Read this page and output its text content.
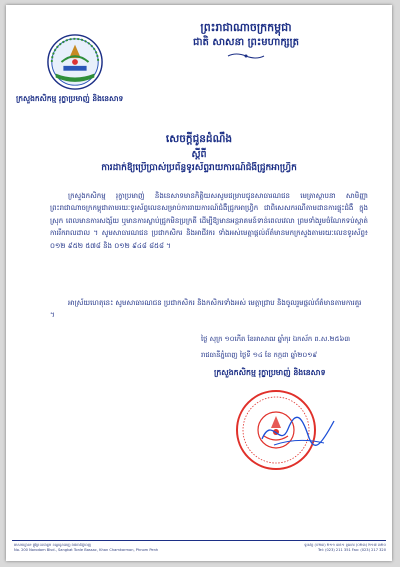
ព្រះរាជាណាចក្រកម្ពុជា
ជាតិ សាសនា ព្រះមហាក្សត្រ
ក្រសួងកសិកម្ម រុក្ខាប្រមាញ់ និងនេសាទ
សេចក្តីជូនដំណឹង
ស្តីពី
ការដាក់ឱ្យប្រើប្រាស់ប្រព័ន្ធទូរស័ព្ទរាយការណ៍ជំងឺជ្រូកអាហ្វ្រិក
ក្រសួងកសិកម្ម រុក្ខាប្រមាញ់ និងនេសាទមានកិត្តិយសសូមជម្រាបជូនសាធារណជន មេត្រាស្ថាបនា សាមិញ្ញា ព្រះរាជាណាចក្រកម្ពុជាតាមរយៈទូរស័ព្ទលេខសម្រាប់ការរាយការណ៍ជំងឺជ្រូកអាហ្វ្រិក ជាពិសេសករណីតាមដានការផ្ទុះជំងឺ ក្នុងស្រុក ពេលមានការសង្ស័យ ឬមានការស្លាប់ជ្រូកមិនប្រក្រតី ដើម្បីឱ្យមានអន្តរាគមន៍ទាន់ពេលវេលា ព្រមទាំងរួមចំណែកទប់ស្កាត់ការរីករាលដាល ។ សូមសាធារណជន ប្រជាកសិករ និងអាជីវករ ទាំងអស់មេត្តាផ្តល់ព័ត៌មានមកក្រសួងតាមរយៈលេខទូរស័ព្ទ៖ ០១២ ៩៥២ ៥៧៨ និង ០១២ ៩៤៨ ៨៥៨ ។
អាស្រ័យហេតុនេះ សូមសាធារណជន ប្រជាកសិករ និងកសិករទាំងអស់ មេត្តាជ្រាប និងចូលរួមផ្តល់ព័ត៌មានតាមការគួរ ។
ថ្ងៃ សុក្រ ១០កើត ខែអាសាឍ ឆ្នាំកុរ ឯកស័ក ព.ស.២៥៦៣
រាជធានីភ្នំពេញ ថ្ងៃទី ១៤ ខែ កក្កដា ឆ្នាំ២០១៩
ក្រសួងកសិកម្ម រុក្ខាប្រមាញ់ និងនេសាទ
អាសយដ្ឋាន៖ ផ្លូវព្រះនរោត្តម ខណ្ឌដូនពេញ រាជធានីភ្នំពេញ
No. 200 Norodom Blvd., Sangkat Tonle Bassac, Khan Chamkarmon, Phnom Penh
ទូរស័ព្ទ (០២៣) ២១១ ៣៥១ ទូរសារ (០២៣) ២១៧ ៣២០
Tel: (023) 211 351 Fax: (023) 217 320
